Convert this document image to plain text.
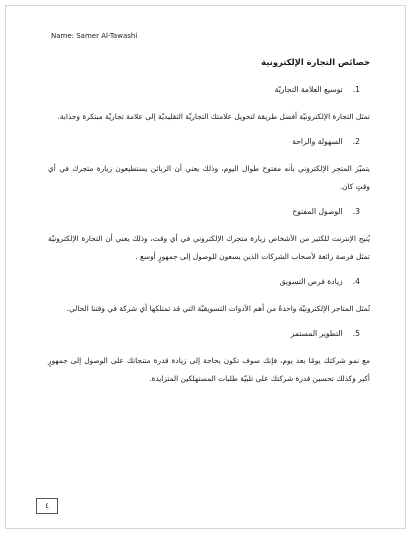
Name: Samer Al-Tawashi
خصائص التجارة الإلكترونية
1.توسيع العلامة التجاريّة

تمثل التجارة الإلكترونيّة أفضل طريقة لتحويل علامتك التجاريّة التقليديّة إلى علامة تجاريّة مبتكرة وجذابة.

2.السهولة والراحة

يتميّز المتجر الإلكتروني بأنه مفتوح طوال اليوم، وذلك يعني أن الزبائن يستطيعون زيارة متجرك في أي وقتٍ كان.

3.الوصول المفتوح

يُتيح الإنترنت للكثير من الأشخاص زيارة متجرك الإلكتروني في أي وقت، وذلك يعني أن التجارة الإلكترونيّة تمثل فرصة رائعة لأصحاب الشركات الذين يسعون للوصول إلى جمهورٍ أوسع .

4.زيادة فرص التسويق

تُمثل المتاجر الإلكترونيّة واحدةً من أهم الأدوات التسويقيّة التي قد تمتلكها أي شركة في وقتنا الحالي.

5.التطوير المستمر

مع نمو شركتك يومًا بعد يوم، فإنك سوف تكون بحاجة إلى زيادة قدرة متنجاتك على الوصول إلى جمهورٍ أكبر وكذلك تحسين قدرة شركتك على تلبيّة طلبات المستهلكين المتزايدة.

٤
